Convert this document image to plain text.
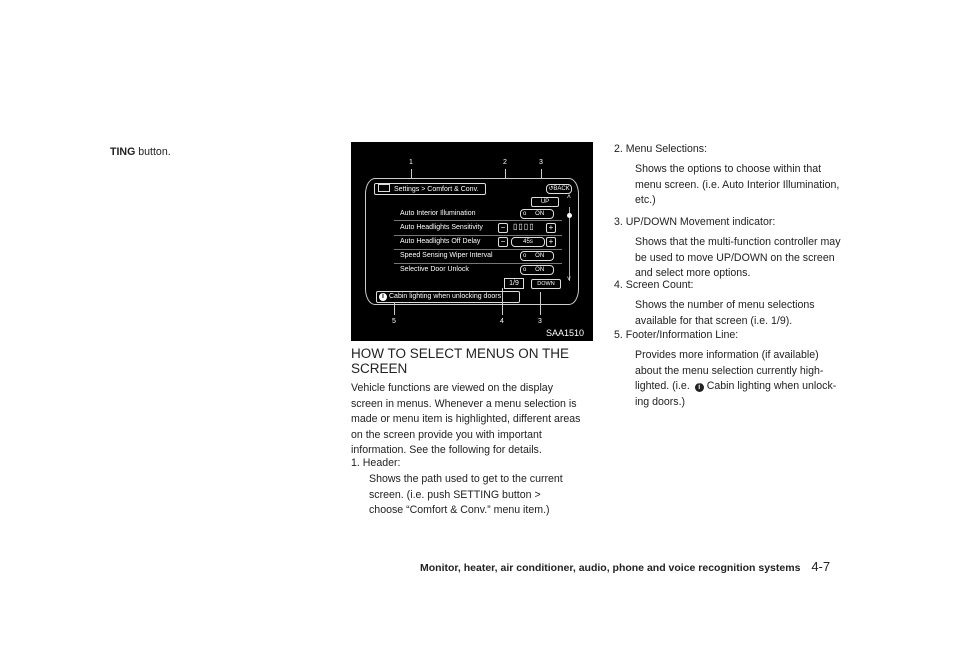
TING button.
1	2	3
Settings > Comfort & Conv.	↺BACK
UP
˄
Auto Interior Illumination	o ON
Auto Headlights Sensitivity	− ▯▯▯▯	+
Auto Headlights Off Delay	−	45s	+
Speed Sensing Wiper Interval	o ON
Selective Door Unlock	o ON
1/9	DOWN
˅
i Cabin lighting when unlocking doors
5	4	3
SAA1510
HOW TO SELECT MENUS ON THE
SCREEN
Vehicle functions are viewed on the display
screen in menus. Whenever a menu selection is
made or menu item is highlighted, different areas
on the screen provide you with important
information. See the following for details.
1. Header:
Shows the path used to get to the current
screen. (i.e. push SETTING button >
choose “Comfort & Conv.” menu item.)
2. Menu Selections:
Shows the options to choose within that
menu screen. (i.e. Auto Interior Illumination,
etc.)
3. UP/DOWN Movement indicator:
Shows that the multi-function controller may
be used to move UP/DOWN on the screen
and select more options.
4. Screen Count:
Shows the number of menu selections
available for that screen (i.e. 1/9).
5. Footer/Information Line:
Provides more information (if available)
about the menu selection currently high-
lighted. (i.e. i Cabin lighting when unlock-
ing doors.)
Monitor, heater, air conditioner, audio, phone and voice recognition systems 4-7
